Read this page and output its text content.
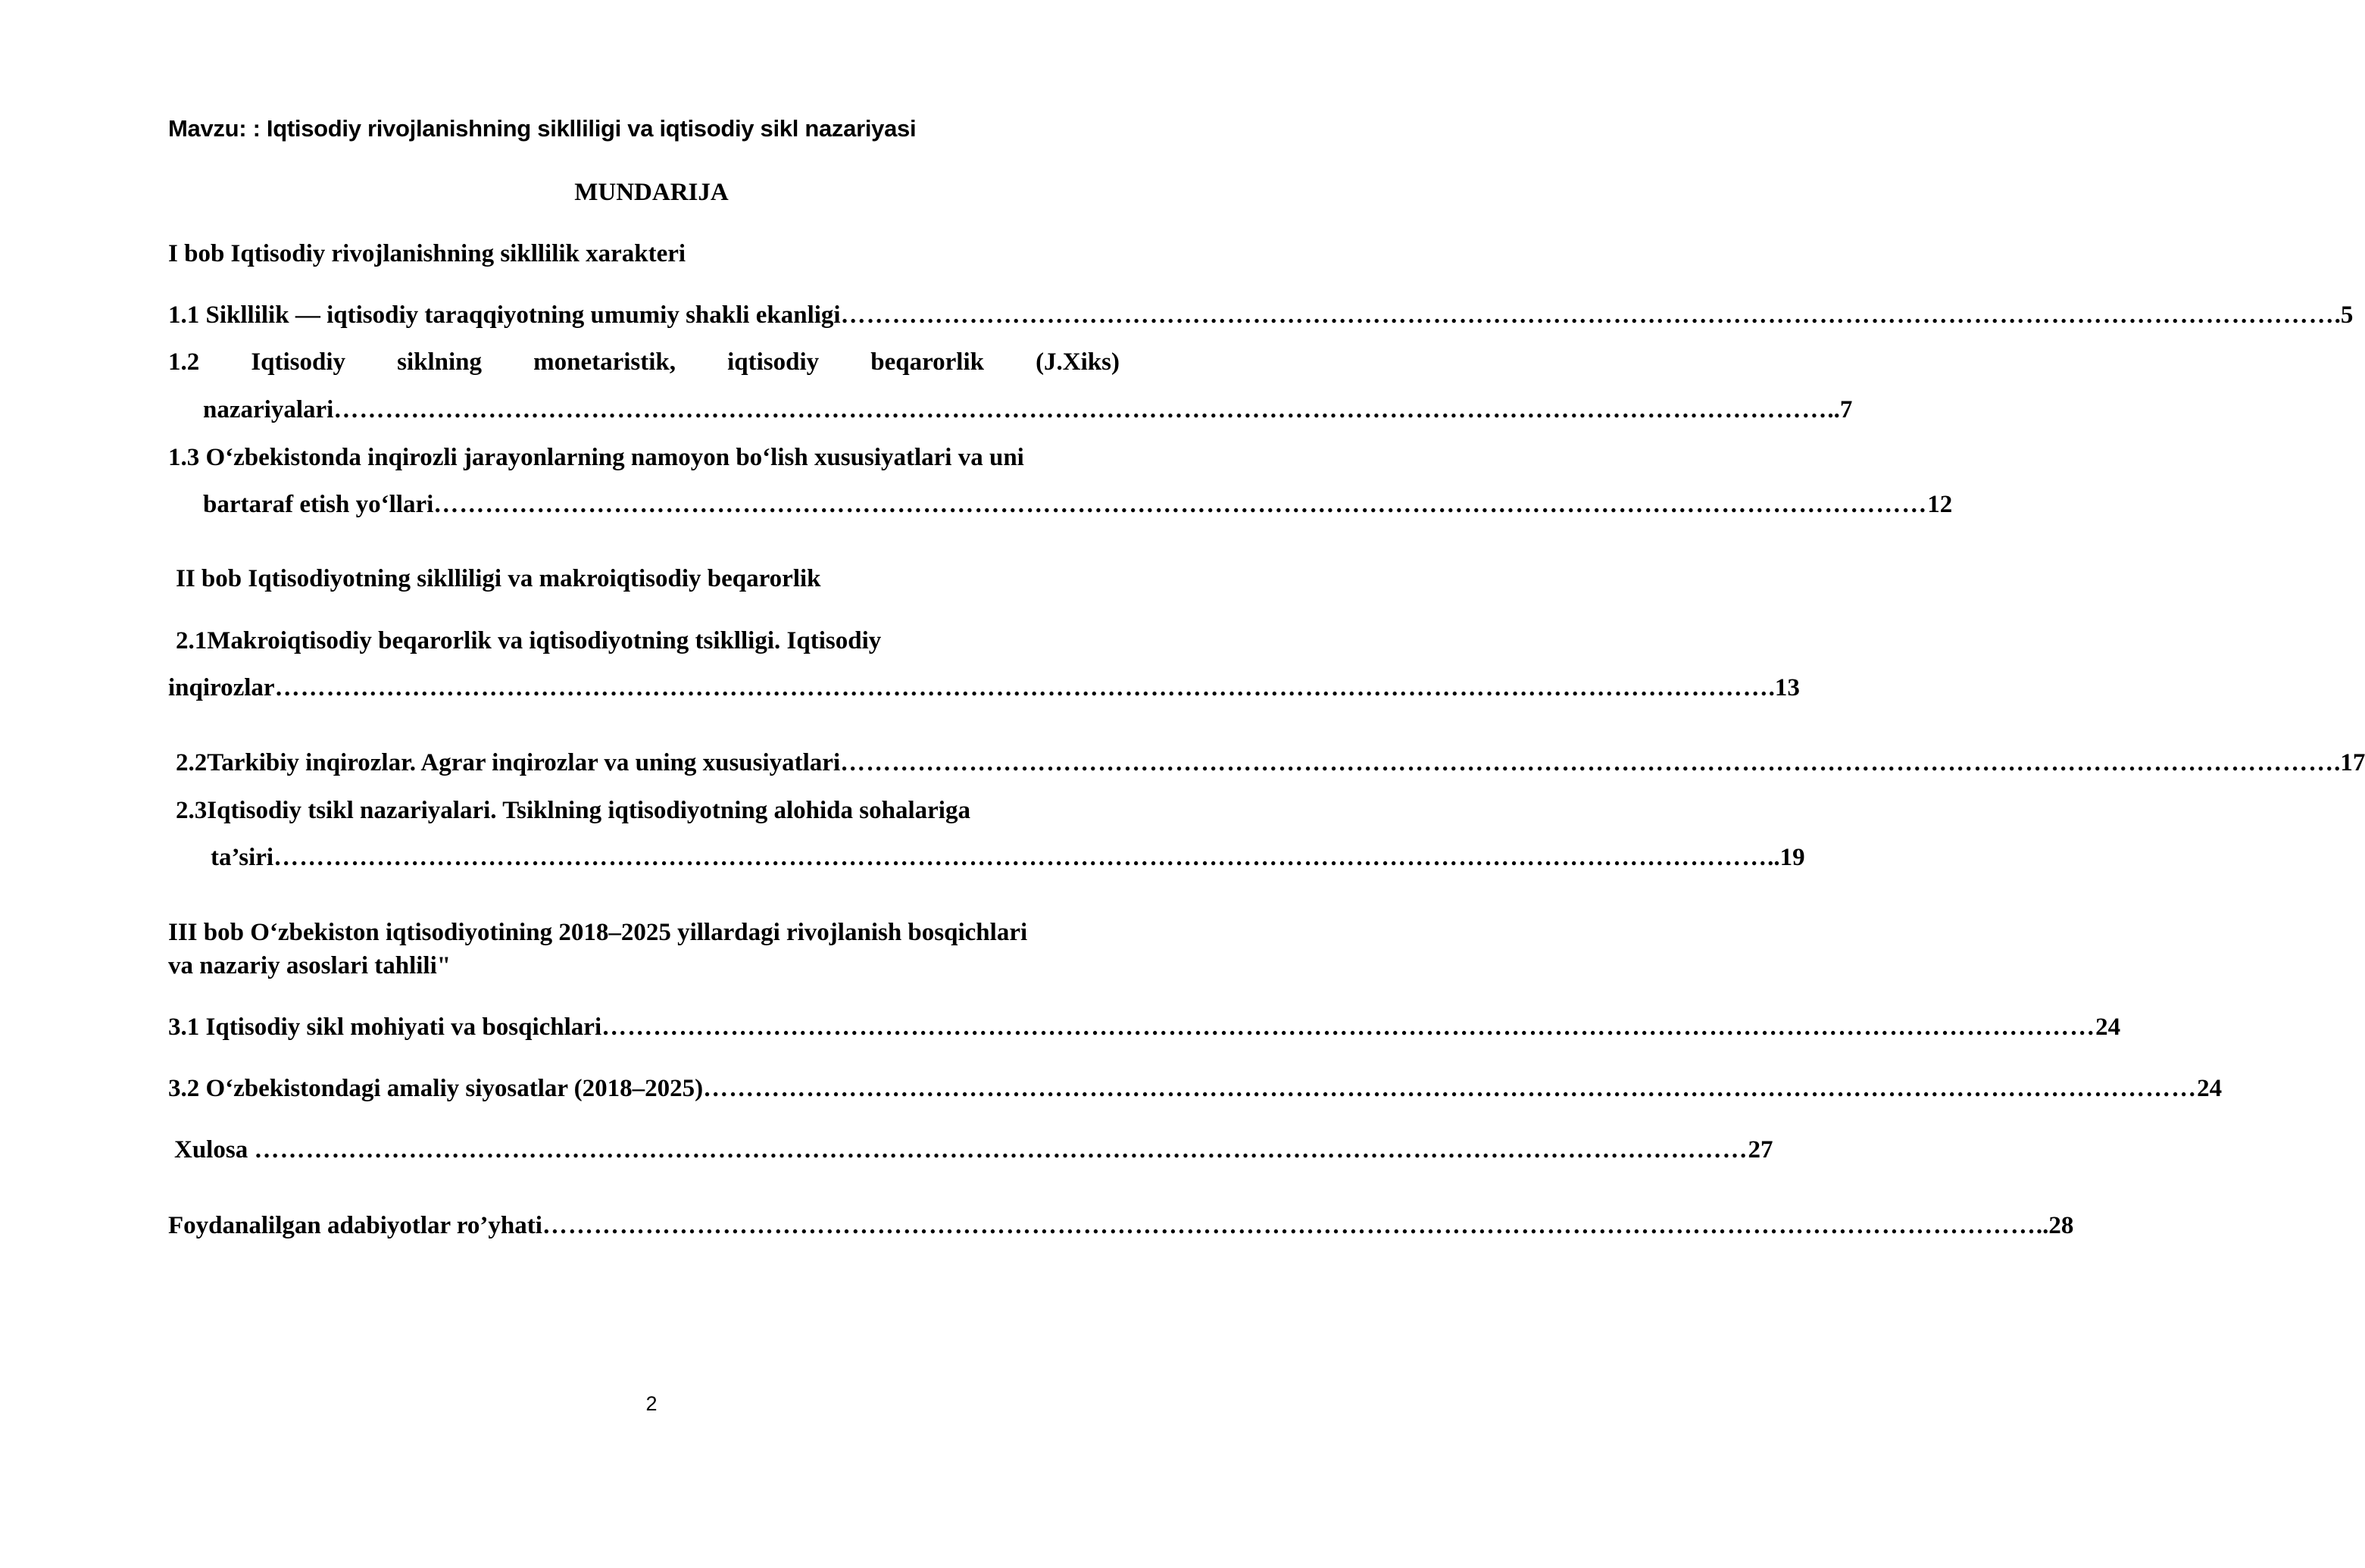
Mavzu: : Iqtisodiy rivojlanishning siklliligi va iqtisodiy sikl nazariyasi
MUNDARIJA
I bob Iqtisodiy rivojlanishning sikllilik xarakteri
1.1 Sikllilik — iqtisodiy taraqqiyotning umumiy shakli ekanligi ………………………………………………………………………………………………………………………………………………………… .5
1.2 Iqtisodiy siklning monetaristik, iqtisodiy beqarorlik (J.Xiks)
nazariyalari ………………………………………………………………………………………………………………………………………………………… ..7
1.3 O‘zbekistonda inqirozli jarayonlarning namoyon bo‘lish xususiyatlari va uni
bartaraf etish yo‘llari ………………………………………………………………………………………………………………………………………………………… 12
II bob Iqtisodiyotning siklliligi va makroiqtisodiy beqarorlik
2.1Makroiqtisodiy beqarorlik va iqtisodiyotning tsiklligi. Iqtisodiy
inqirozlar ………………………………………………………………………………………………………………………………………………………… .13
2.2Tarkibiy inqirozlar. Agrar inqirozlar va uning xususiyatlari ………………………………………………………………………………………………………………………………………………………… .17
2.3Iqtisodiy tsikl nazariyalari. Tsiklning iqtisodiyotning alohida sohalariga
ta’siri ………………………………………………………………………………………………………………………………………………………… ..19
III bob O‘zbekiston iqtisodiyotining 2018–2025 yillardagi rivojlanish bosqichlari
va nazariy asoslari tahlili"
3.1 Iqtisodiy sikl mohiyati va bosqichlari ………………………………………………………………………………………………………………………………………………………… 24
3.2 O‘zbekistondagi amaliy siyosatlar (2018–2025) ………………………………………………………………………………………………………………………………………………………… 24
Xulosa ………………………………………………………………………………………………………………………………………………………… 27
Foydanalilgan adabiyotlar ro’yhati ………………………………………………………………………………………………………………………………………………………… ..28
2
